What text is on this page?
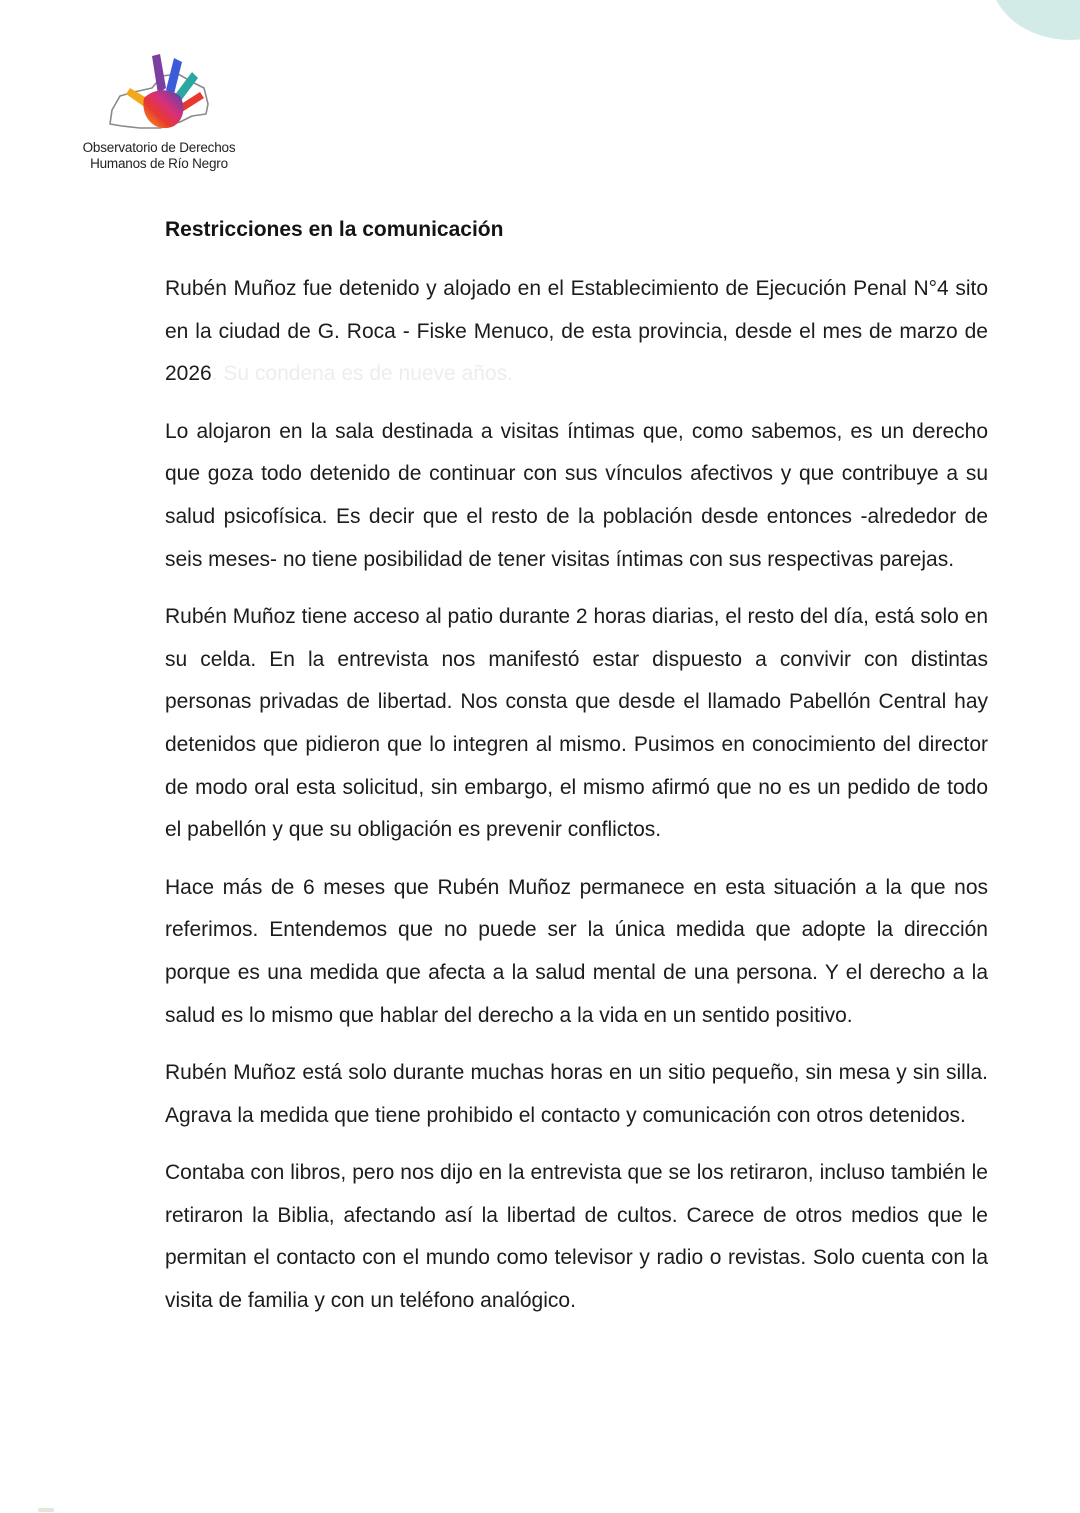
Observatorio de Derechos
Humanos de Río Negro
Restricciones en la comunicación

Rubén Muñoz fue detenido y alojado en el Establecimiento de Ejecución Penal N°4 sito en la ciudad de G. Roca - Fiske Menuco, de esta provincia, desde el mes de marzo de 2026. Su condena es de nueve años.

Lo alojaron en la sala destinada a visitas íntimas que, como sabemos, es un derecho que goza todo detenido de continuar con sus vínculos afectivos y que contribuye a su salud psicofísica. Es decir que el resto de la población desde entonces -alrededor de seis meses- no tiene posibilidad de tener visitas íntimas con sus respectivas parejas.

Rubén Muñoz tiene acceso al patio durante 2 horas diarias, el resto del día, está solo en su celda. En la entrevista nos manifestó estar dispuesto a convivir con distintas personas privadas de libertad. Nos consta que desde el llamado Pabellón Central hay detenidos que pidieron que lo integren al mismo. Pusimos en conocimiento del director de modo oral esta solicitud, sin embargo, el mismo afirmó que no es un pedido de todo el pabellón y que su obligación es prevenir conflictos.

Hace más de 6 meses que Rubén Muñoz permanece en esta situación a la que nos referimos. Entendemos que no puede ser la única medida que adopte la dirección porque es una medida que afecta a la salud mental de una persona. Y el derecho a la salud es lo mismo que hablar del derecho a la vida en un sentido positivo.

Rubén Muñoz está solo durante muchas horas en un sitio pequeño, sin mesa y sin silla. Agrava la medida que tiene prohibido el contacto y comunicación con otros detenidos.

Contaba con libros, pero nos dijo en la entrevista que se los retiraron, incluso también le retiraron la Biblia, afectando así la libertad de cultos. Carece de otros medios que le permitan el contacto con el mundo como televisor y radio o revistas. Solo cuenta con la visita de familia y con un teléfono analógico.
